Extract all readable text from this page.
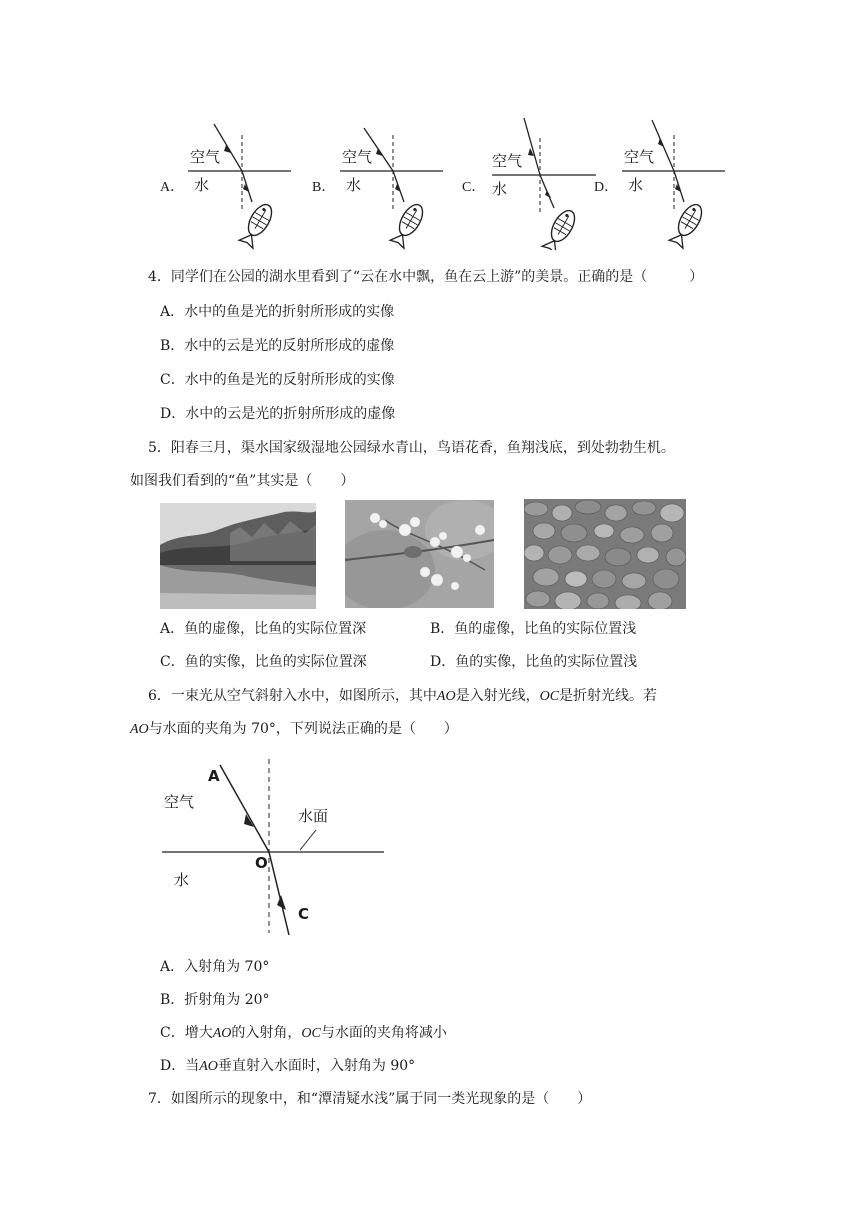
A．
空气
水	B．
空气
水	C．
空气
水	D．
空气
水
4．同学们在公园的湖水里看到了“云在水中飘，鱼在云上游”的美景。正确的是（　　　）
A．水中的鱼是光的折射所形成的实像
B．水中的云是光的反射所形成的虚像
C．水中的鱼是光的反射所形成的实像
D．水中的云是光的折射所形成的虚像
5．阳春三月，渠水国家级湿地公园绿水青山，鸟语花香，鱼翔浅底，到处勃勃生机。
如图我们看到的“鱼”其实是（　　）
A．鱼的虚像，比鱼的实际位置深	B．鱼的虚像，比鱼的实际位置浅
C．鱼的实像，比鱼的实际位置深	D．鱼的实像，比鱼的实际位置浅
6．一束光从空气斜射入水中，如图所示，其中AO是入射光线，OC是折射光线。若
AO与水面的夹角为 70°，下列说法正确的是（　　）
A
空气
水面
O
水
C
A．入射角为 70°
B．折射角为 20°
C．增大AO的入射角，OC与水面的夹角将减小
D．当AO垂直射入水面时，入射角为 90°
7．如图所示的现象中，和“潭清疑水浅”属于同一类光现象的是（　　）
